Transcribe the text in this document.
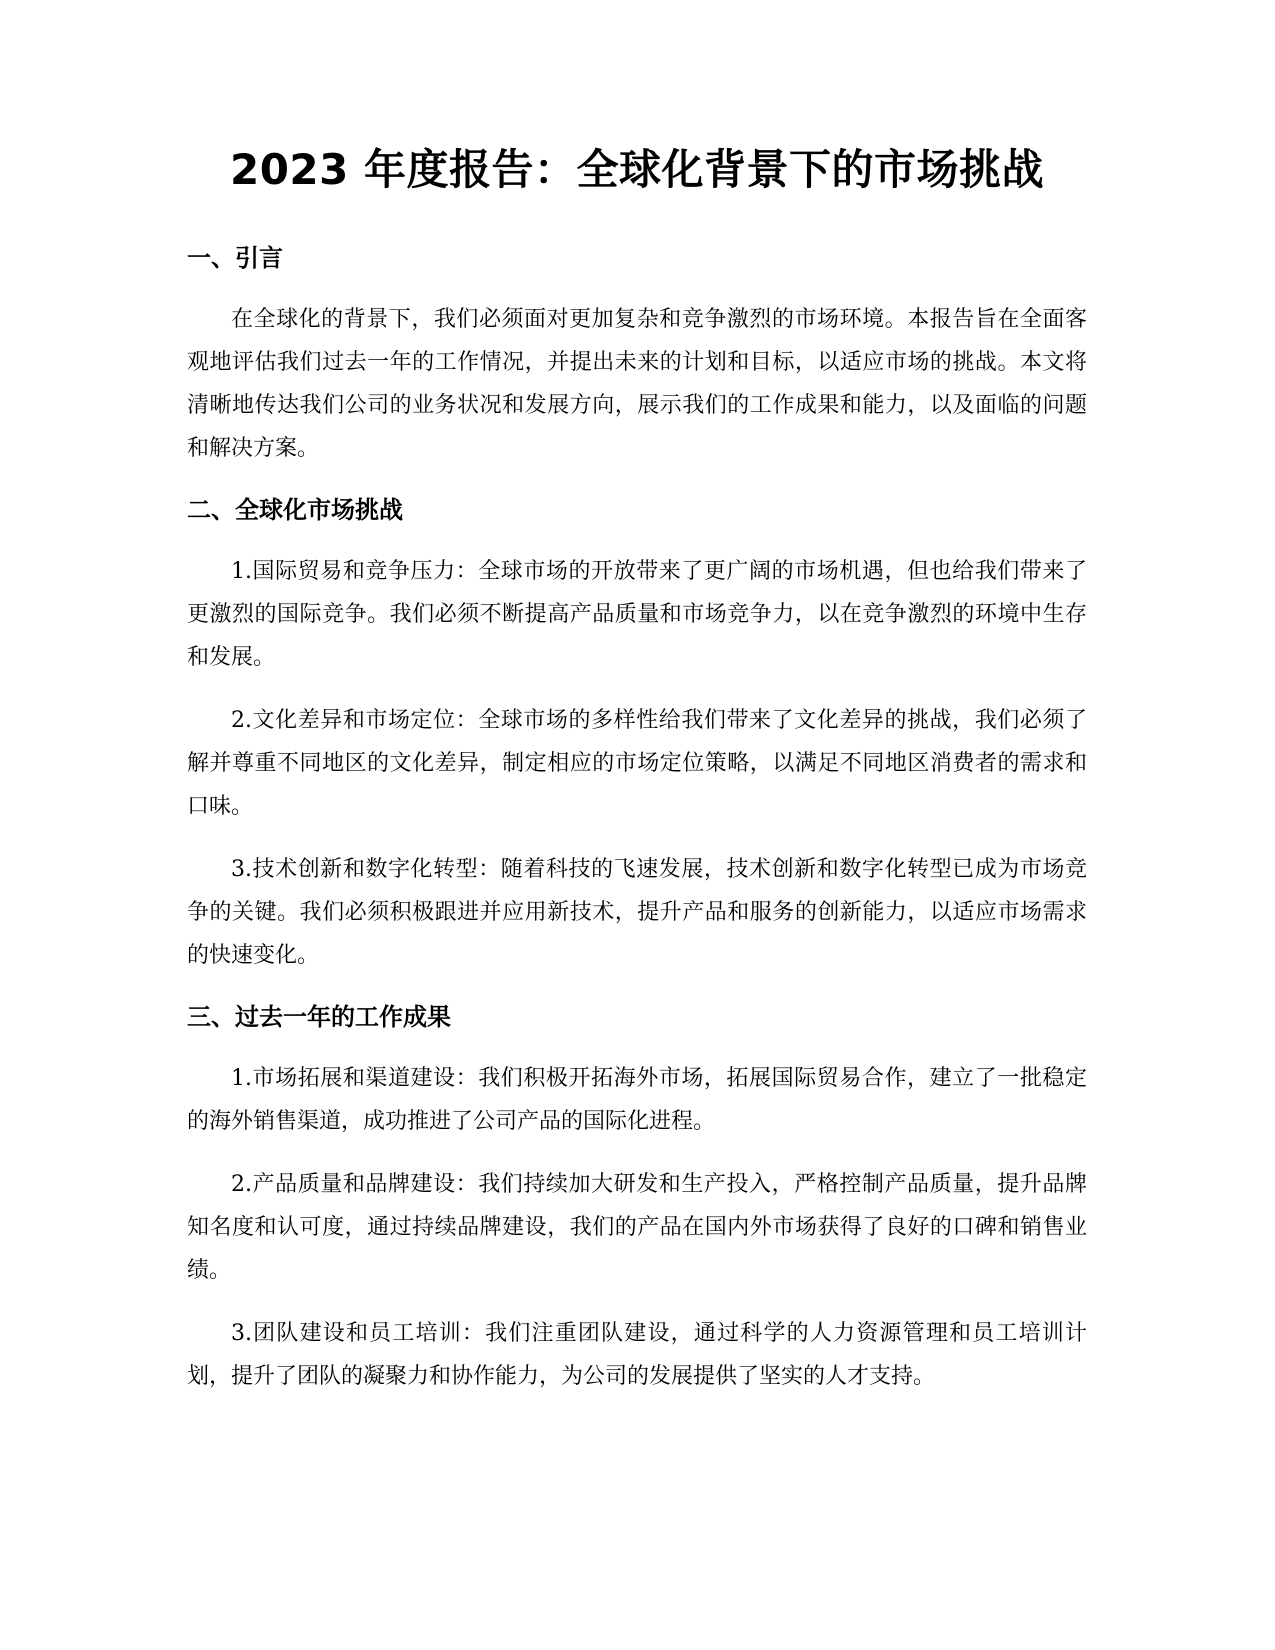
2023 年度报告：全球化背景下的市场挑战
一、引言

在全球化的背景下，我们必须面对更加复杂和竞争激烈的市场环境。本报告旨在全面客观地评估我们过去一年的工作情况，并提出未来的计划和目标，以适应市场的挑战。本文将清晰地传达我们公司的业务状况和发展方向，展示我们的工作成果和能力，以及面临的问题和解决方案。

二、全球化市场挑战

1.国际贸易和竞争压力：全球市场的开放带来了更广阔的市场机遇，但也给我们带来了更激烈的国际竞争。我们必须不断提高产品质量和市场竞争力，以在竞争激烈的环境中生存和发展。

2.文化差异和市场定位：全球市场的多样性给我们带来了文化差异的挑战，我们必须了解并尊重不同地区的文化差异，制定相应的市场定位策略，以满足不同地区消费者的需求和口味。

3.技术创新和数字化转型：随着科技的飞速发展，技术创新和数字化转型已成为市场竞争的关键。我们必须积极跟进并应用新技术，提升产品和服务的创新能力，以适应市场需求的快速变化。

三、过去一年的工作成果

1.市场拓展和渠道建设：我们积极开拓海外市场，拓展国际贸易合作，建立了一批稳定的海外销售渠道，成功推进了公司产品的国际化进程。

2.产品质量和品牌建设：我们持续加大研发和生产投入，严格控制产品质量，提升品牌知名度和认可度，通过持续品牌建设，我们的产品在国内外市场获得了良好的口碑和销售业绩。

3.团队建设和员工培训：我们注重团队建设，通过科学的人力资源管理和员工培训计划，提升了团队的凝聚力和协作能力，为公司的发展提供了坚实的人才支持。
